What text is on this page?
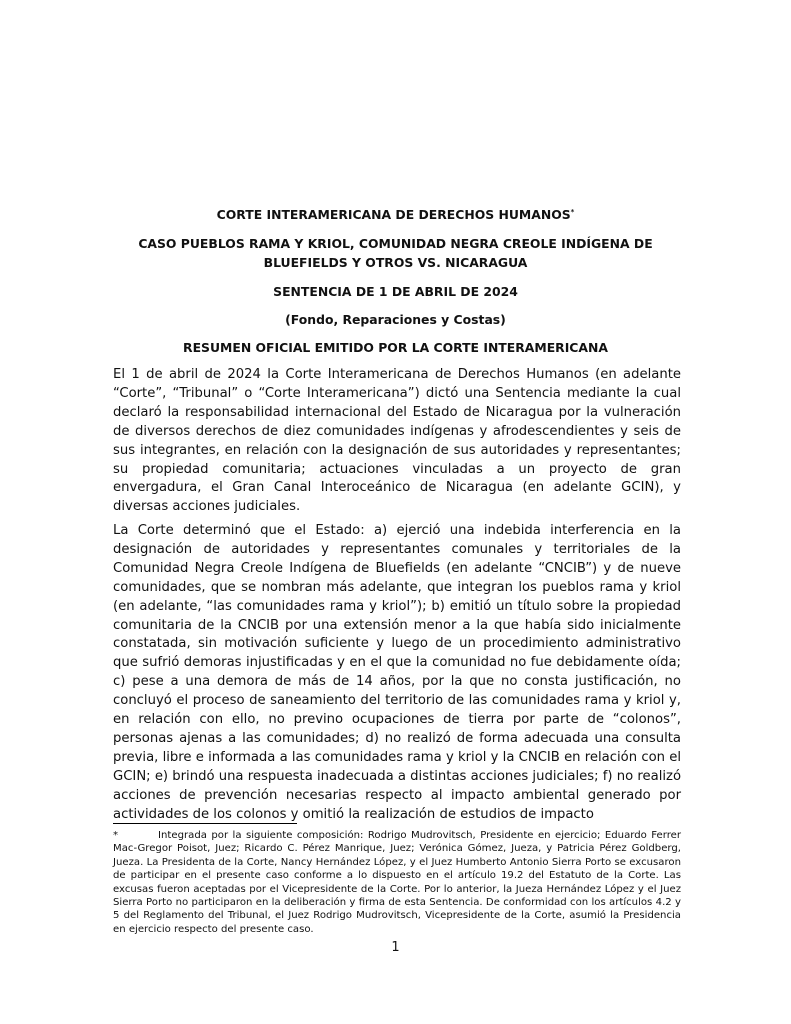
CORTE INTERAMERICANA DE DERECHOS HUMANOS*

CASO PUEBLOS RAMA Y KRIOL, COMUNIDAD NEGRA CREOLE INDÍGENA DE
BLUEFIELDS Y OTROS VS. NICARAGUA

SENTENCIA DE 1 DE ABRIL DE 2024

(Fondo, Reparaciones y Costas)

RESUMEN OFICIAL EMITIDO POR LA CORTE INTERAMERICANA

El 1 de abril de 2024 la Corte Interamericana de Derechos Humanos (en adelante “Corte”, “Tribunal” o “Corte Interamericana”) dictó una Sentencia mediante la cual declaró la responsabilidad internacional del Estado de Nicaragua por la vulneración de diversos derechos de diez comunidades indígenas y afrodescendientes y seis de sus integrantes, en relación con la designación de sus autoridades y representantes; su propiedad comunitaria; actuaciones vinculadas a un proyecto de gran envergadura, el Gran Canal Interoceánico de Nicaragua (en adelante GCIN), y diversas acciones judiciales.

La Corte determinó que el Estado: a) ejerció una indebida interferencia en la designación de autoridades y representantes comunales y territoriales de la Comunidad Negra Creole Indígena de Bluefields (en adelante “CNCIB”) y de nueve comunidades, que se nombran más adelante, que integran los pueblos rama y kriol (en adelante, “las comunidades rama y kriol”); b) emitió un título sobre la propiedad comunitaria de la CNCIB por una extensión menor a la que había sido inicialmente constatada, sin motivación suficiente y luego de un procedimiento administrativo que sufrió demoras injustificadas y en el que la comunidad no fue debidamente oída; c) pese a una demora de más de 14 años, por la que no consta justificación, no concluyó el proceso de saneamiento del territorio de las comunidades rama y kriol y, en relación con ello, no previno ocupaciones de tierra por parte de “colonos”, personas ajenas a las comunidades; d) no realizó de forma adecuada una consulta previa, libre e informada a las comunidades rama y kriol y la CNCIB en relación con el GCIN; e) brindó una respuesta inadecuada a distintas acciones judiciales; f) no realizó acciones de prevención necesarias respecto al impacto ambiental generado por actividades de los colonos y omitió la realización de estudios de impacto

*	Integrada por la siguiente composición: Rodrigo Mudrovitsch, Presidente en ejercicio; Eduardo Ferrer Mac-Gregor Poisot, Juez; Ricardo C. Pérez Manrique, Juez; Verónica Gómez, Jueza, y Patricia Pérez Goldberg, Jueza. La Presidenta de la Corte, Nancy Hernández López, y el Juez Humberto Antonio Sierra Porto se excusaron de participar en el presente caso conforme a lo dispuesto en el artículo 19.2 del Estatuto de la Corte. Las excusas fueron aceptadas por el Vicepresidente de la Corte. Por lo anterior, la Jueza Hernández López y el Juez Sierra Porto no participaron en la deliberación y firma de esta Sentencia. De conformidad con los artículos 4.2 y 5 del Reglamento del Tribunal, el Juez Rodrigo Mudrovitsch, Vicepresidente de la Corte, asumió la Presidencia en ejercicio respecto del presente caso.

1
